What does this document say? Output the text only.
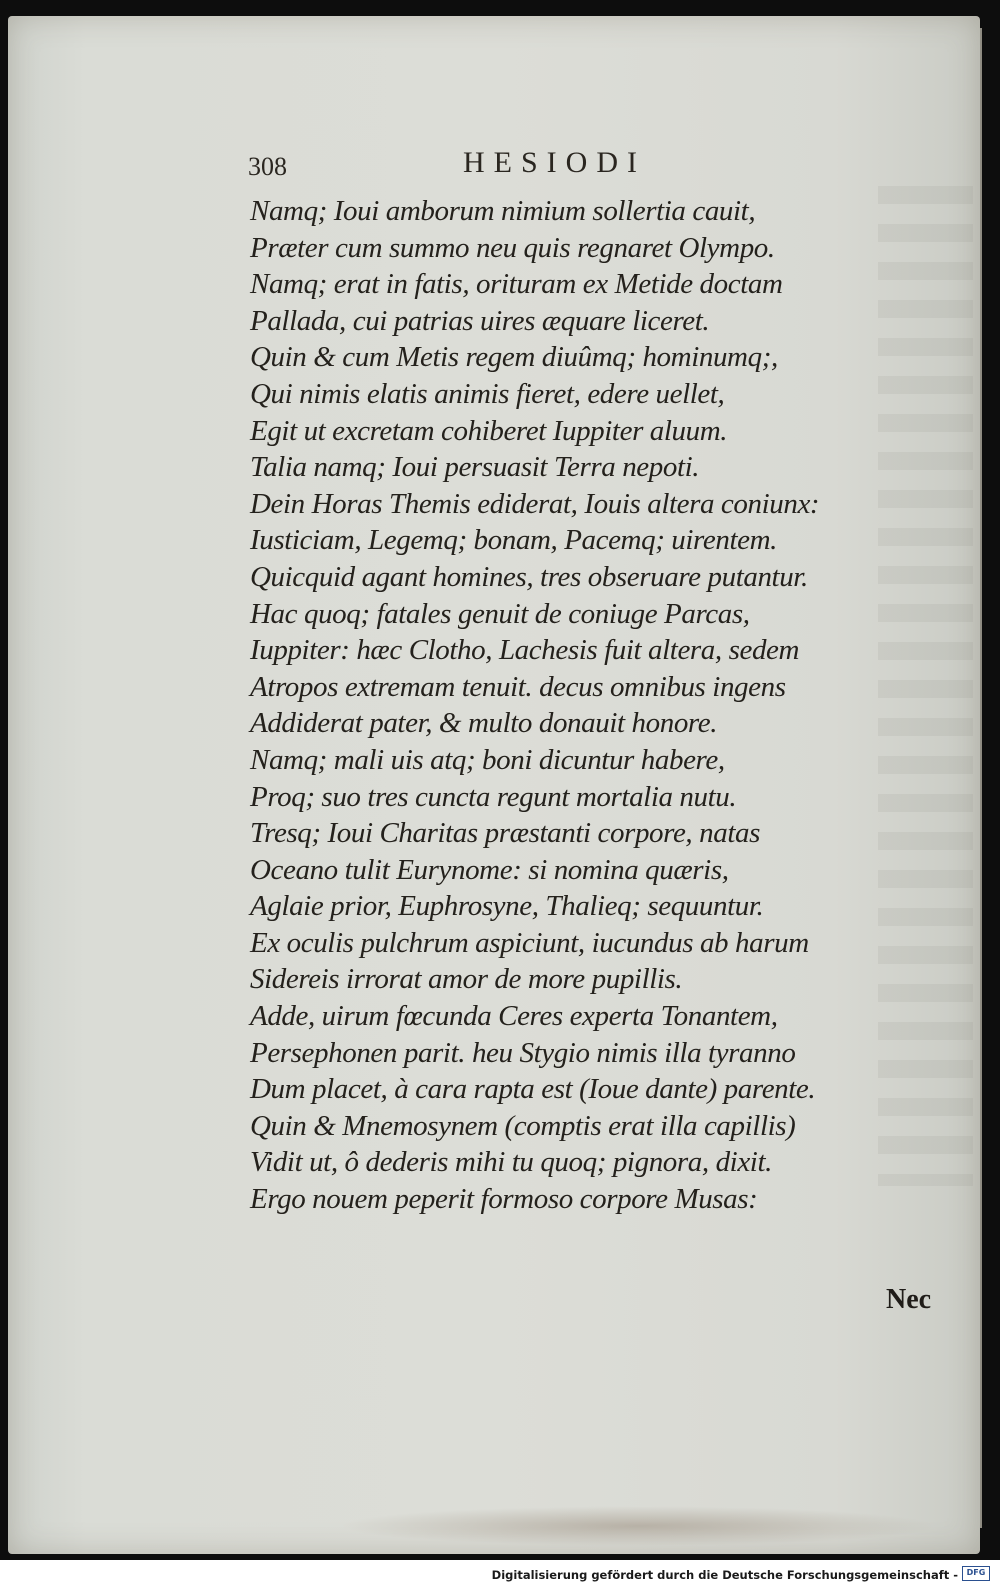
308	HESIODI
Namq; Ioui amborum nimium sollertia cauit,
Præter cum summo neu quis regnaret Olympo.
Namq; erat in fatis, orituram ex Metide doctam
Pallada, cui patrias uires æquare liceret.
Quin & cum Metis regem diuûmq; hominumq;,
Qui nimis elatis animis fieret, edere uellet,
Egit ut excretam cohiberet Iuppiter aluum.
Talia namq; Ioui persuasit Terra nepoti.
Dein Horas Themis ediderat, Iouis altera coniunx:
Iusticiam, Legemq; bonam, Pacemq; uirentem.
Quicquid agant homines, tres obseruare putantur.
Hac quoq; fatales genuit de coniuge Parcas,
Iuppiter: hæc Clotho, Lachesis fuit altera, sedem
Atropos extremam tenuit. decus omnibus ingens
Addiderat pater, & multo donauit honore.
Namq; mali uis atq; boni dicuntur habere,
Proq; suo tres cuncta regunt mortalia nutu.
Tresq; Ioui Charitas præstanti corpore, natas
Oceano tulit Eurynome: si nomina quæris,
Aglaie prior, Euphrosyne, Thalieq; sequuntur.
Ex oculis pulchrum aspiciunt, iucundus ab harum
Sidereis irrorat amor de more pupillis.
Adde, uirum fœcunda Ceres experta Tonantem,
Persephonen parit. heu Stygio nimis illa tyranno
Dum placet, à cara rapta est (Ioue dante) parente.
Quin & Mnemosynem (comptis erat illa capillis)
Vidit ut, ô dederis mihi tu quoq; pignora, dixit.
Ergo nouem peperit formoso corpore Musas:
Nec
Digitalisierung gefördert durch die Deutsche Forschungsgemeinschaft -	DFG
